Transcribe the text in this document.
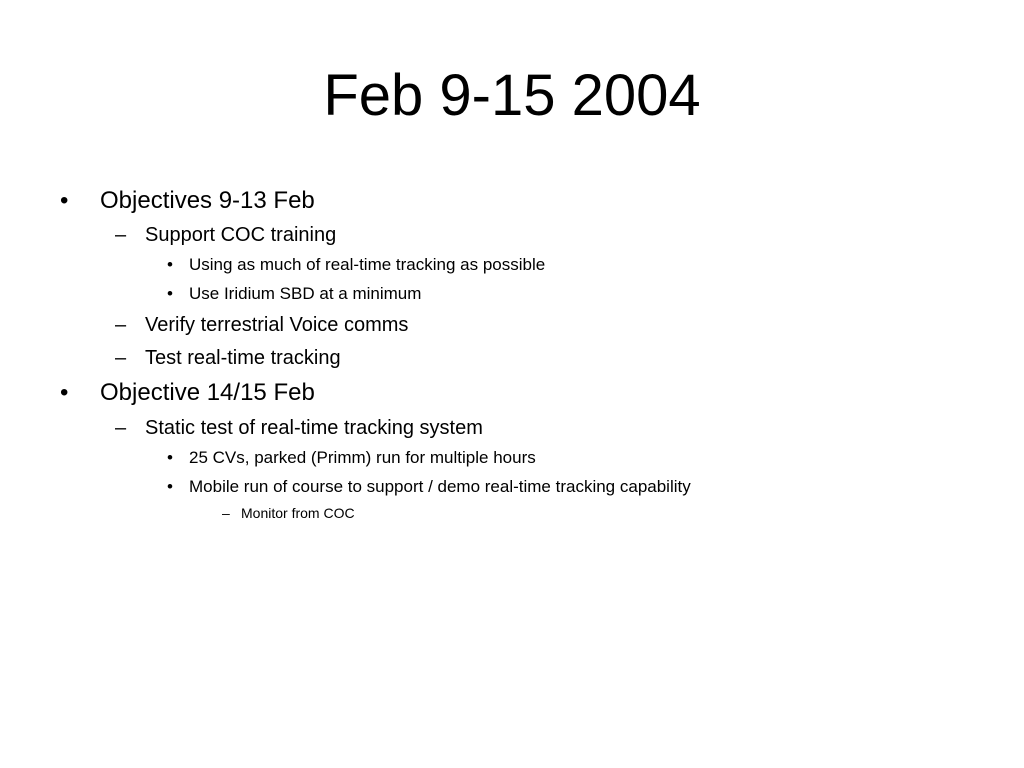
Feb 9-15 2004
•	Objectives 9-13 Feb
– Support COC training
• Using as much of real-time tracking as possible
• Use Iridium SBD at a minimum
– Verify terrestrial Voice comms
– Test real-time tracking
•	Objective 14/15 Feb
– Static test of real-time tracking system
• 25 CVs, parked (Primm) run for multiple hours
• Mobile run of course to support / demo real-time tracking capability
– Monitor from COC
